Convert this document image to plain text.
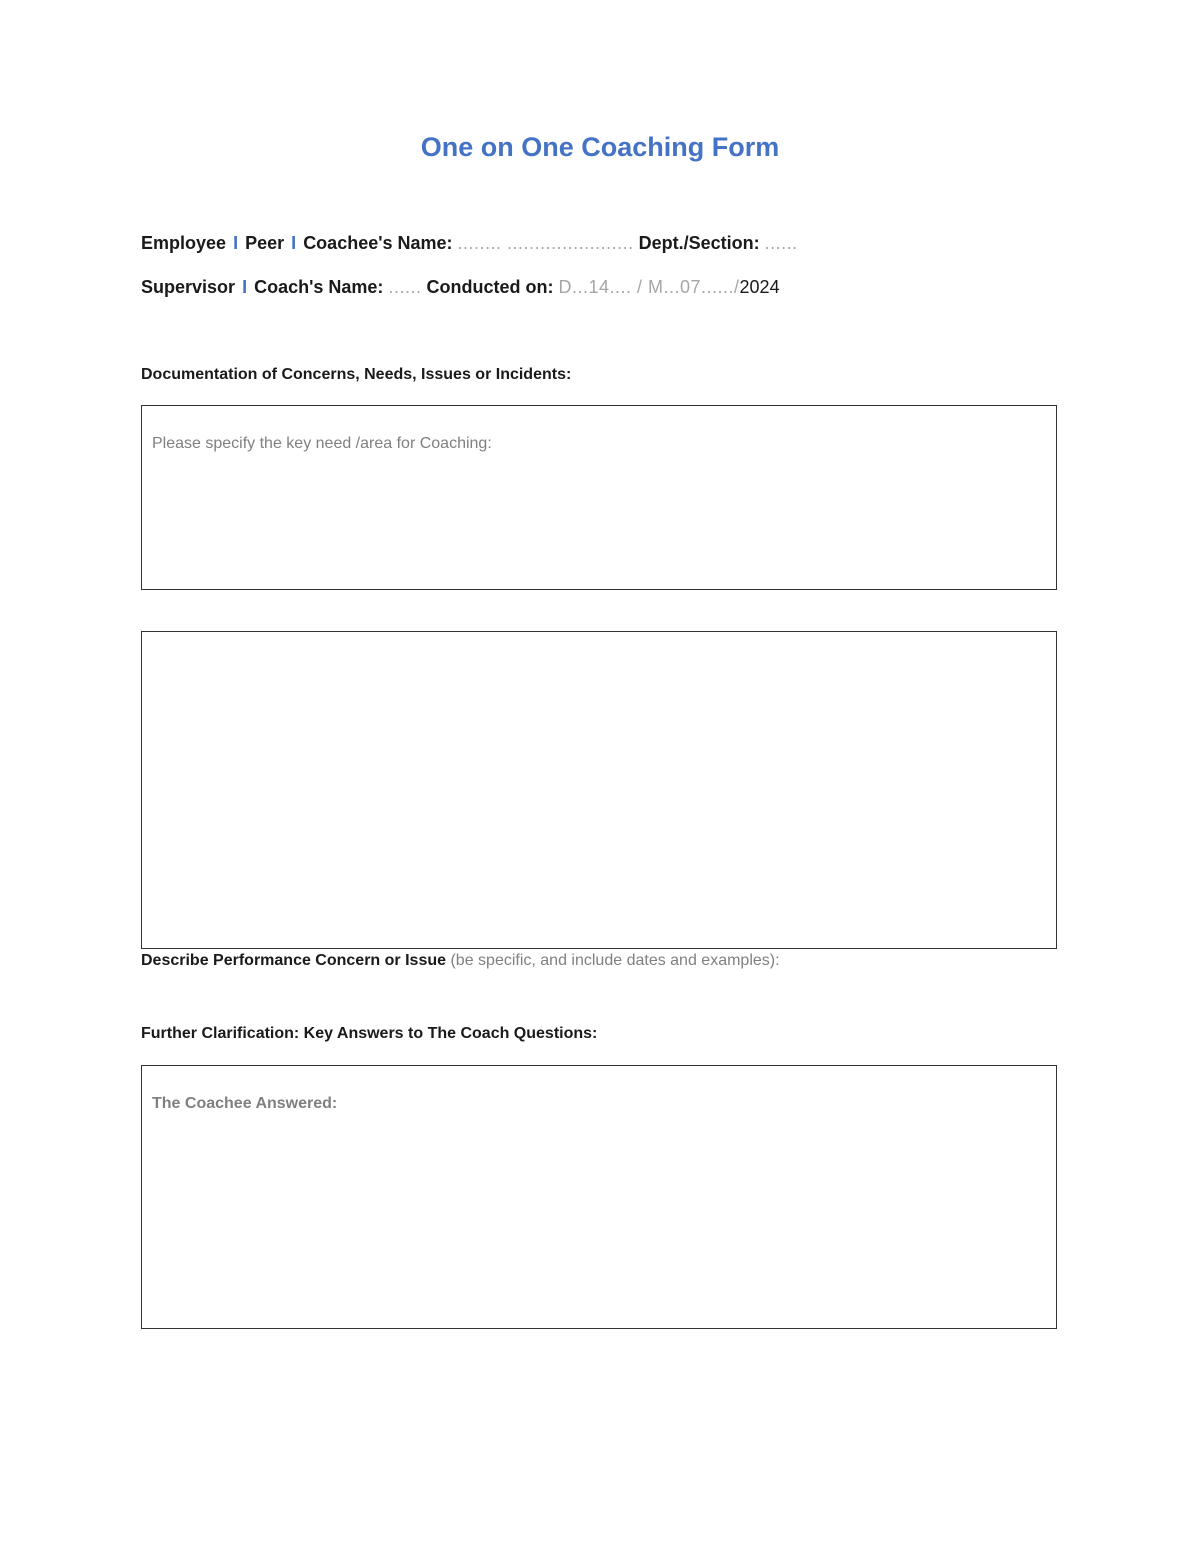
One on One Coaching Form
Employee I Peer I Coachee's Name: ........ ....................... Dept./Section: ......
Supervisor I Coach's Name: ...... Conducted on: D...14.... / M...07....../2024
Documentation of Concerns, Needs, Issues or Incidents:
Please specify the key need /area for Coaching:
Describe Performance Concern or Issue (be specific, and include dates and examples):
Further Clarification: Key Answers to The Coach Questions:
The Coachee Answered:
